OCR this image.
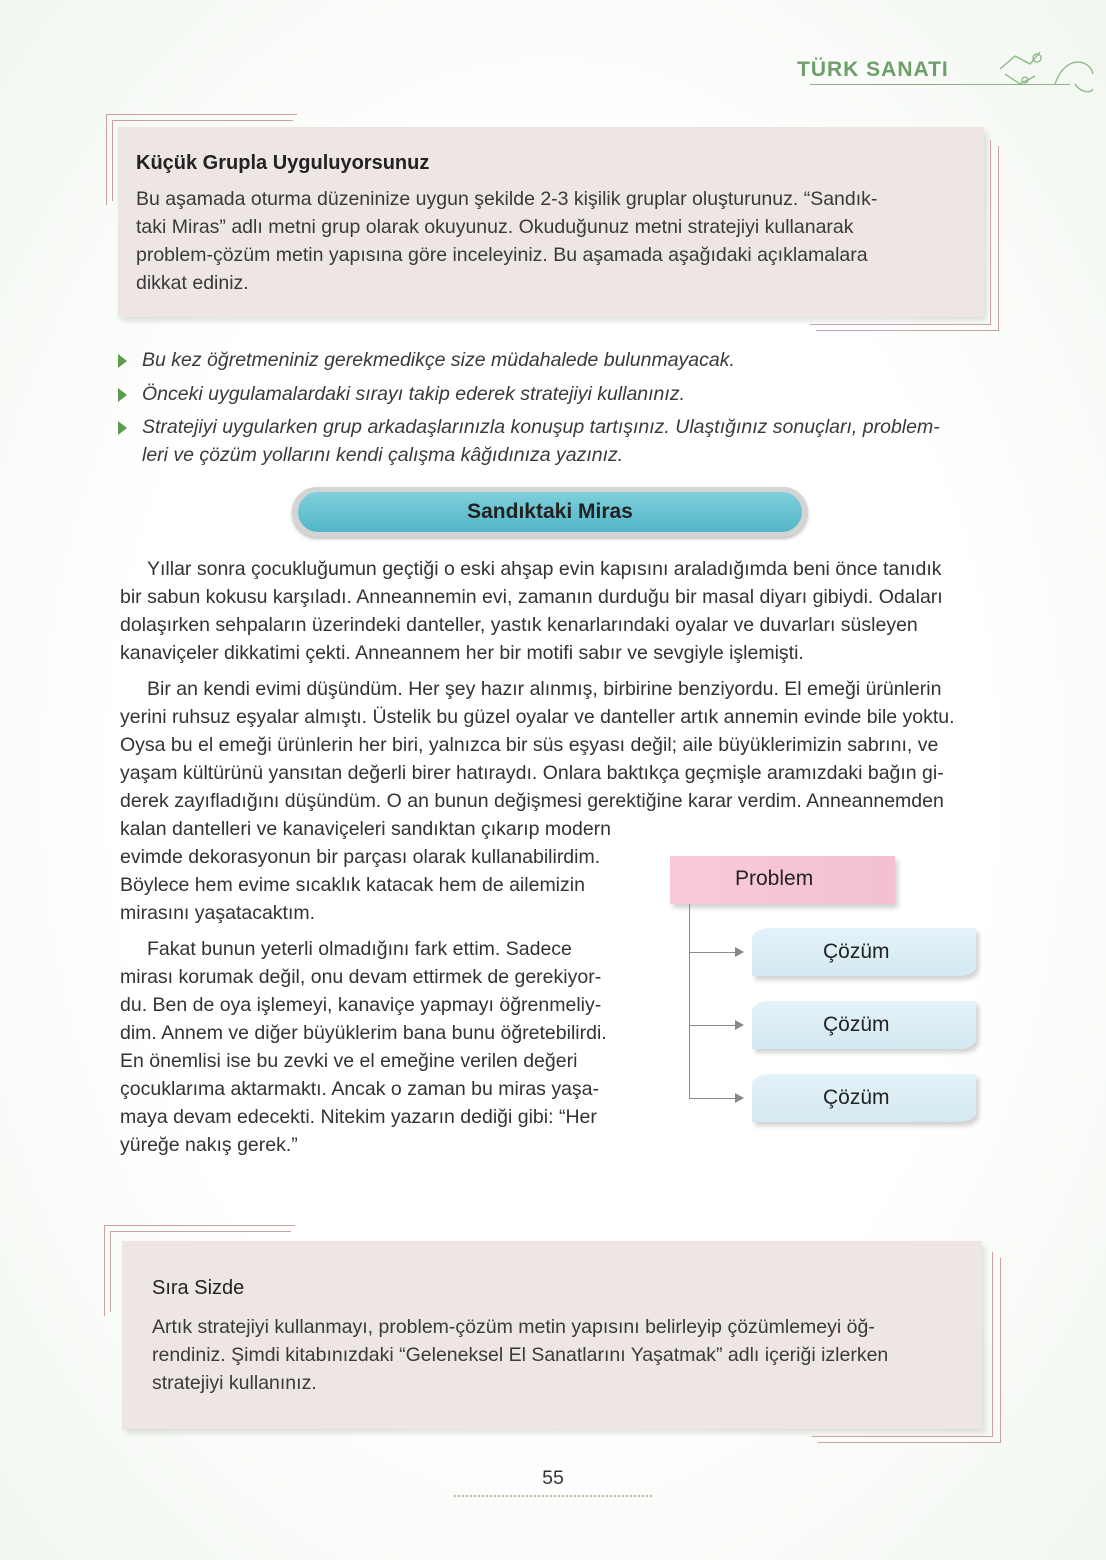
TÜRK SANATI
Küçük Grupla Uyguluyorsunuz
Bu aşamada oturma düzeninize uygun şekilde 2-3 kişilik gruplar oluşturunuz. “Sandık-
taki Miras” adlı metni grup olarak okuyunuz. Okuduğunuz metni stratejiyi kullanarak
problem-çözüm metin yapısına göre inceleyiniz. Bu aşamada aşağıdaki açıklamalara
dikkat ediniz.
Bu kez öğretmeniniz gerekmedikçe size müdahalede bulunmayacak.
Önceki uygulamalardaki sırayı takip ederek stratejiyi kullanınız.
Stratejiyi uygularken grup arkadaşlarınızla konuşup tartışınız. Ulaştığınız sonuçları, problem-
leri ve çözüm yollarını kendi çalışma kâğıdınıza yazınız.
Sandıktaki Miras
Yıllar sonra çocukluğumun geçtiği o eski ahşap evin kapısını araladığımda beni önce tanıdık
bir sabun kokusu karşıladı. Anneannemin evi, zamanın durduğu bir masal diyarı gibiydi. Odaları
dolaşırken sehpaların üzerindeki danteller, yastık kenarlarındaki oyalar ve duvarları süsleyen
kanaviçeler dikkatimi çekti. Anneannem her bir motifi sabır ve sevgiyle işlemişti.
Bir an kendi evimi düşündüm. Her şey hazır alınmış, birbirine benziyordu. El emeği ürünlerin
yerini ruhsuz eşyalar almıştı. Üstelik bu güzel oyalar ve danteller artık annemin evinde bile yoktu.
Oysa bu el emeği ürünlerin her biri, yalnızca bir süs eşyası değil; aile büyüklerimizin sabrını, ve
yaşam kültürünü yansıtan değerli birer hatıraydı. Onlara baktıkça geçmişle aramızdaki bağın gi-
derek zayıfladığını düşündüm. O an bunun değişmesi gerektiğine karar verdim. Anneannemden
kalan dantelleri ve kanaviçeleri sandıktan çıkarıp modern
evimde dekorasyonun bir parçası olarak kullanabilirdim.
Böylece hem evime sıcaklık katacak hem de ailemizin
mirasını yaşatacaktım.
Fakat bunun yeterli olmadığını fark ettim. Sadece
mirası korumak değil, onu devam ettirmek de gerekiyor-
du. Ben de oya işlemeyi, kanaviçe yapmayı öğrenmeliy-
dim. Annem ve diğer büyüklerim bana bunu öğretebilirdi.
En önemlisi ise bu zevki ve el emeğine verilen değeri
çocuklarıma aktarmaktı. Ancak o zaman bu miras yaşa-
maya devam edecekti. Nitekim yazarın dediği gibi: “Her
yüreğe nakış gerek.”
Problem
Çözüm
Çözüm
Çözüm
Sıra Sizde
Artık stratejiyi kullanmayı, problem-çözüm metin yapısını belirleyip çözümlemeyi öğ-
rendiniz. Şimdi kitabınızdaki “Geleneksel El Sanatlarını Yaşatmak” adlı içeriği izlerken
stratejiyi kullanınız.
55
